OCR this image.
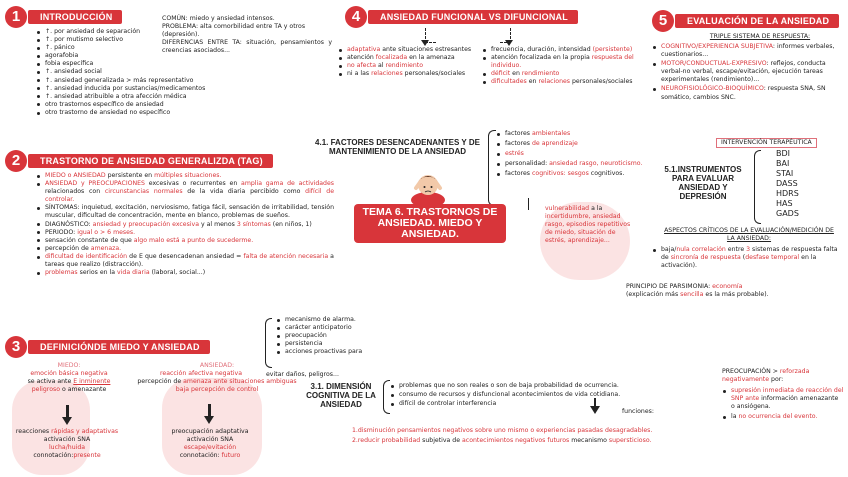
1	INTRODUCCIÓN
↑. por ansiedad de separación
↑. por mutismo selectivo
↑. pánico
agorafobia
fobia específica
↑. ansiedad social
↑. ansiedad generalizada > más representativo
↑. ansiedad inducida por sustancias/medicamentos
↑. ansiedad atribuible a otra afección médica
otro trastornos específico de ansiedad
otro trastorno de ansiedad no específico
COMÚN: miedo y ansiedad intensos.
PROBLEMA: alta comorbilidad entre TA y otros (depresión).
DIFERENCIAS ENTRE TA: situación, pensamientos y creencias asociados...
2	TRASTORNO DE ANSIEDAD GENERALIZDA (TAG)
MIEDO o ANSIEDAD persistente en múltiples situaciones.
ANSIEDAD y PREOCUPACIONES excesivas o recurrentes en amplia gama de actividades relacionados con circunstancias normales de la vida diaria percibido como difícil de controlar.
SÍNTOMAS: inquietud, excitación, nerviosismo, fatiga fácil, sensación de irritabilidad, tensión muscular, dificultad de concentración, mente en blanco, problemas de sueños.
DIAGNÓSTICO: ansiedad y preocupación excesiva y al menos 3 síntomas (en niños, 1)
PERIODO: igual o > 6 meses.
sensación constante de que algo malo está a punto de sucederme.
percepción de amenaza.
dificultad de identificación de E que desencadenan ansiedad = falta de atención necesaria a tareas que realizo (distracción).
problemas serios en la vida diaria (laboral, social...)
3	DEFINICIÓNDE MIEDO Y ANSIEDAD
MIEDO:
emoción básica negativa
se activa ante E inminente
peligroso o amenazante
reacciones rápidas y adaptativas
activación SNA
lucha/huida
connotación:presente
ANSIEDAD:
reacción afectiva negativa
percepción de amenaza ante situaciones ambiguas
baja percepción de control
evitar daños, peligros...
preocupación adaptativa
activación SNA
escape/evitación
connotación: futuro
mecanismo de alarma.
carácter anticipatorio
preocupación
persistencia
acciones proactivas para
4	ANSIEDAD FUNCIONAL VS DIFUNCIONAL
adaptativa ante situaciones estresantes
atención focalizada en la amenaza
no afecta al rendimiento
ni a las relaciones personales/sociales
frecuencia, duración, intensidad (persistente)
atención focalizada en la propia respuesta del individuo.
déficit en rendimiento
dificultades en relaciones personales/sociales
4.1. FACTORES DESENCADENANTES Y DE MANTENIMIENTO DE LA ANSIEDAD
factores ambientales
factores de aprendizaje
estrés
personalidad: ansiedad rasgo, neuroticismo.
factores cognitivos: sesgos cognitivos.
vulnerabilidad a la incertidumbre, ansiedad rasgo, episodios repetitivos de miedo, situación de estrés, aprendizaje...
TEMA 6. TRASTORNOS DE ANSIEDAD. MIEDO Y ANSIEDAD.
5	EVALUACIÓN DE LA ANSIEDAD
TRIPLE SISTEMA DE RESPUESTA:
COGNITIVO/EXPERIENCIA SUBJETIVA: informes verbales, cuestionarios...
MOTOR/CONDUCTUAL-EXPRESIVO: reflejos, conducta verbal-no verbal, escape/evitación, ejecución tareas experimentales (rendimiento)...
NEUROFISIOLÓGICO-BIOQUÍMICO: respuesta SNA, SN somático, cambios SNC.
INTERVENCIÓN TERAPÉUTICA
5.1.INSTRUMENTOS PARA EVALUAR ANSIEDAD Y DEPRESIÓN
BDI
BAI
STAI
DASS
HDRS
HAS
GADS
ASPECTOS CRÍTICOS DE LA EVALUACIÓN/MEDICIÓN DE LA ANSIEDAD:
baja/nula correlación entre 3 sistemas de respuesta falta de sincronía de respuesta (desfase temporal en la activación).
PRINCIPIO DE PARSIMONIA: economía (explicación más sencilla es la más probable).
3.1. DIMENSIÓN COGNITIVA DE LA ANSIEDAD
problemas que no son reales o son de baja probabilidad de ocurrencia.
consumo de recursos y disfuncional acontecimientos de vida cotidiana.
difícil de controlar interferencia
funciones:
1.disminución pensamientos negativos sobre uno mismo o experiencias pasadas desagradables.
2.reducir probabilidad subjetiva de acontecimientos negativos futuros mecanismo supersticioso.
PREOCUPACIÓN > reforzada negativamente por:
supresión inmediata de reacción del SNP ante información amenazante o ansiógena.
la no ocurrencia del evento.
